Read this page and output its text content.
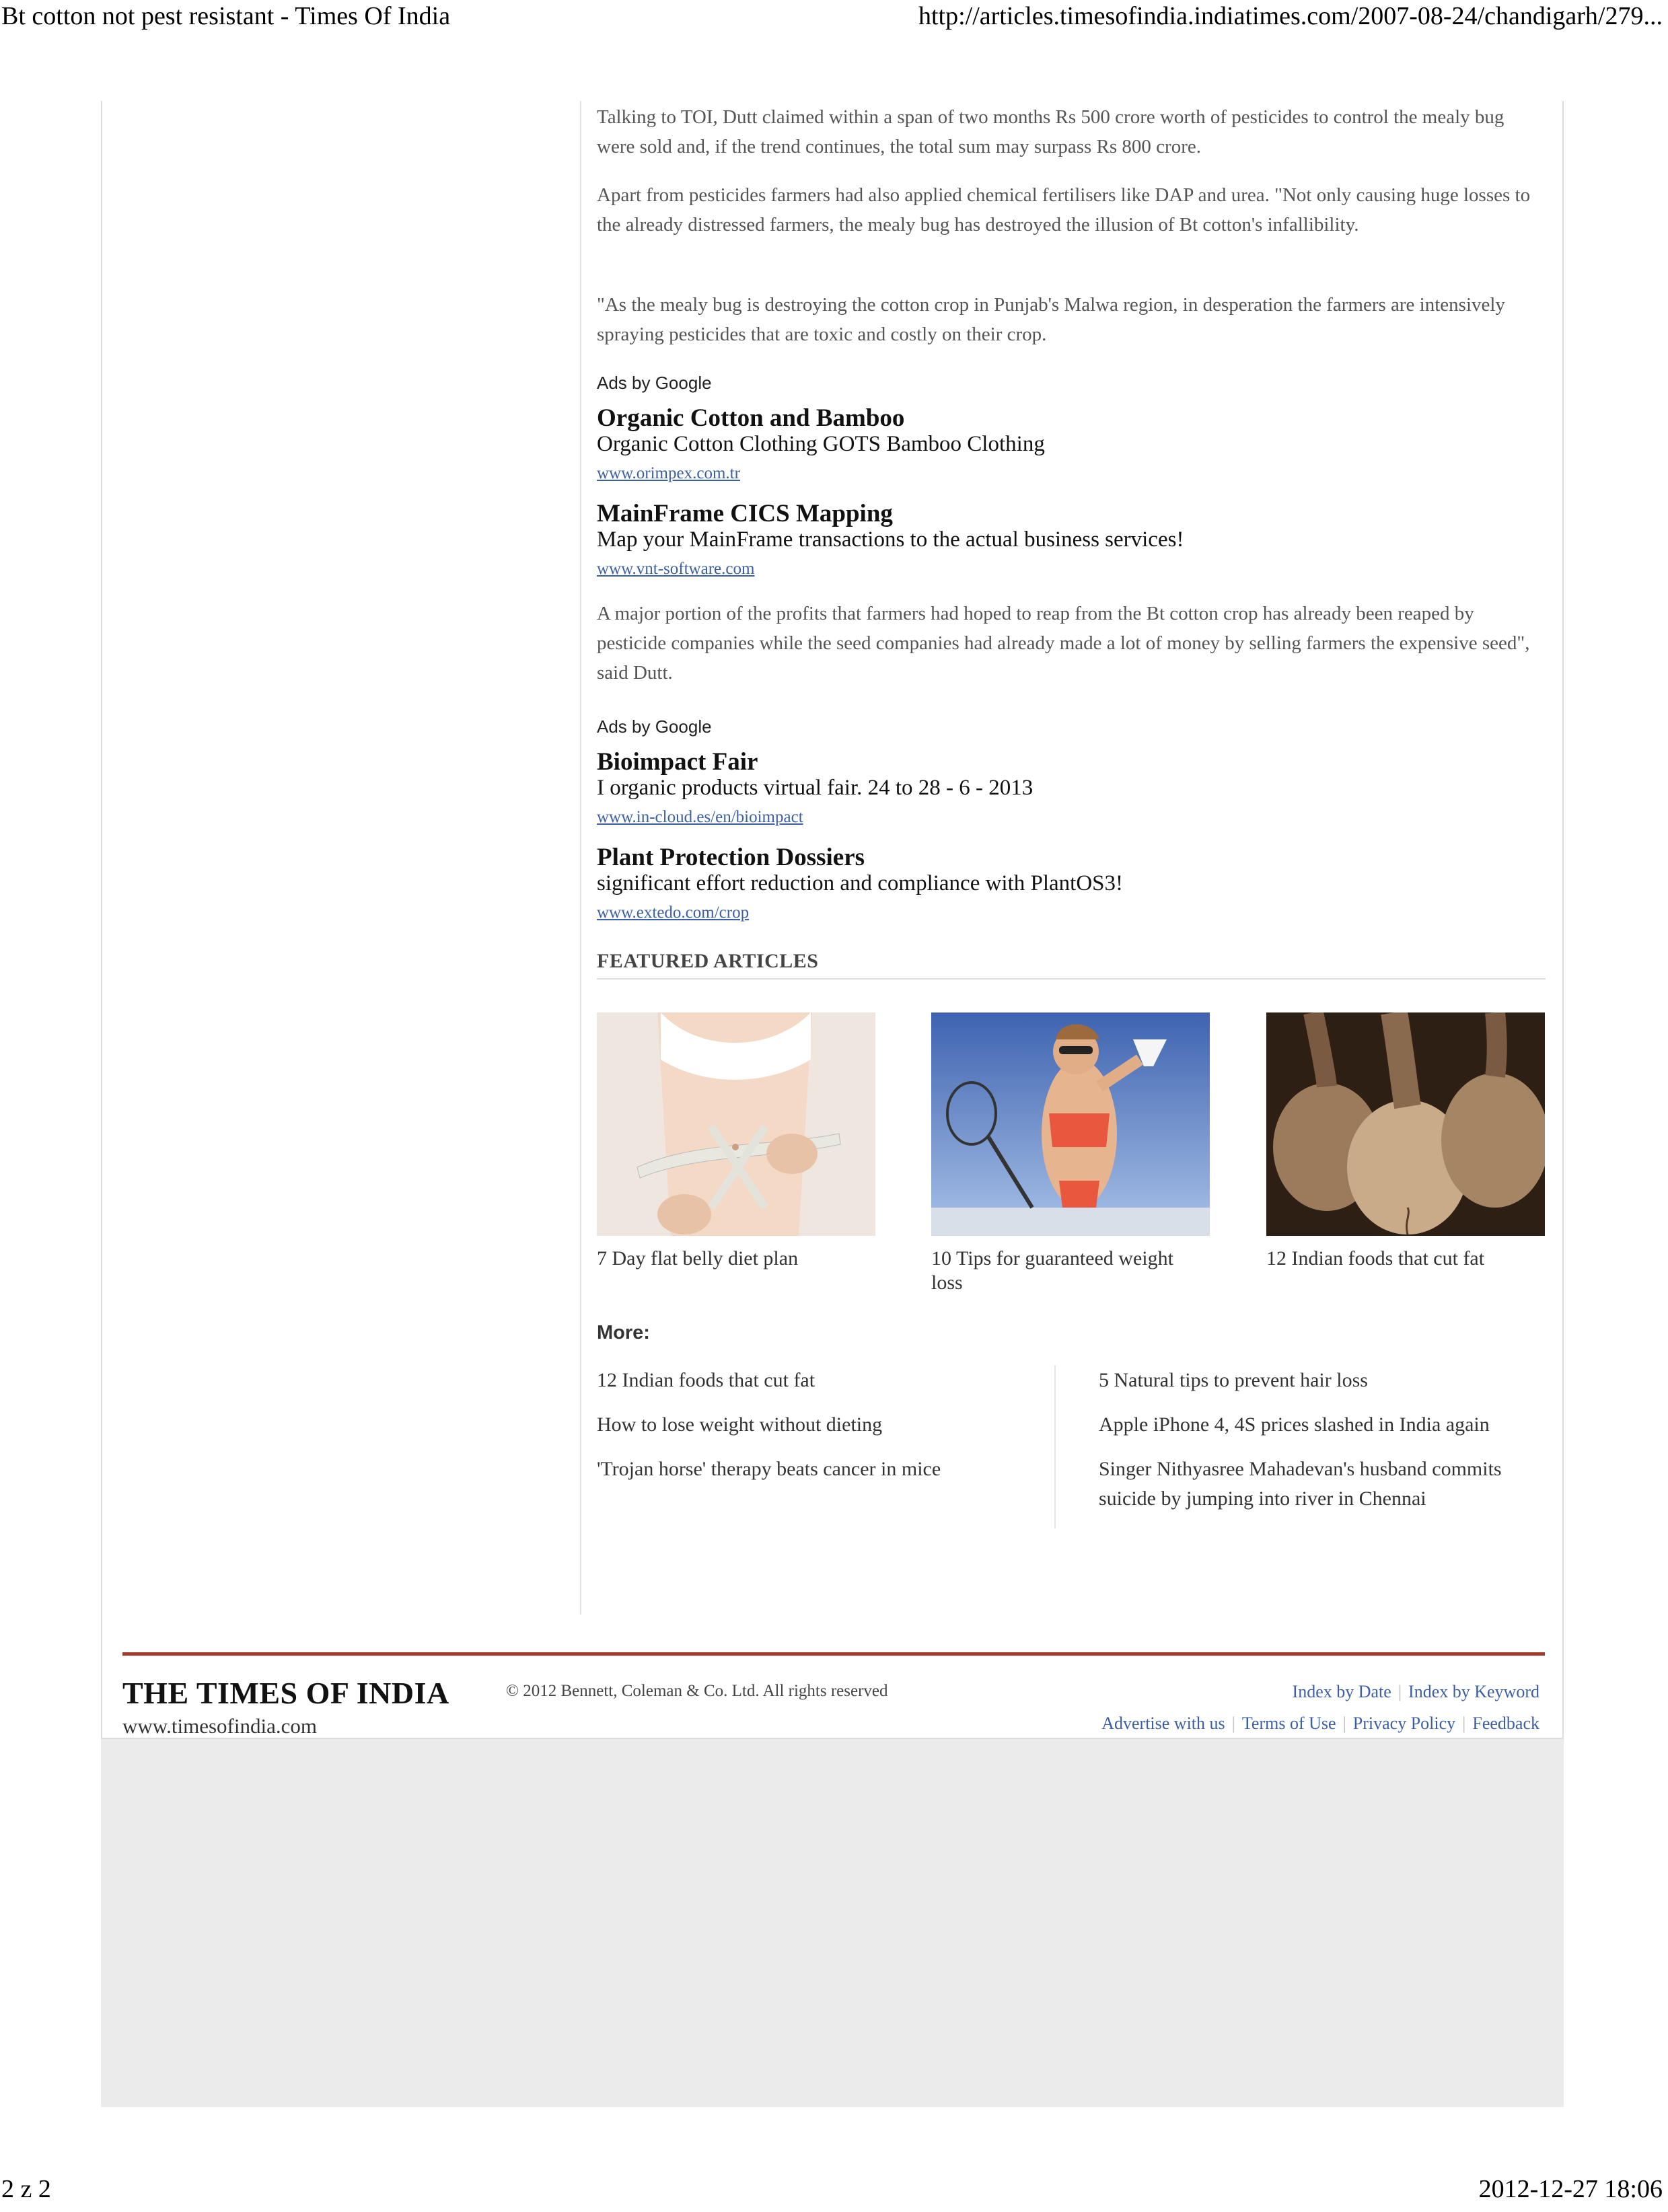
Bt cotton not pest resistant - Times Of India	http://articles.timesofindia.indiatimes.com/2007-08-24/chandigarh/279...

Talking to TOI, Dutt claimed within a span of two months Rs 500 crore worth of pesticides to control the mealy bug were sold and, if the trend continues, the total sum may surpass Rs 800 crore.

Apart from pesticides farmers had also applied chemical fertilisers like DAP and urea. "Not only causing huge losses to the already distressed farmers, the mealy bug has destroyed the illusion of Bt cotton's infallibility.

"As the mealy bug is destroying the cotton crop in Punjab's Malwa region, in desperation the farmers are intensively spraying pesticides that are toxic and costly on their crop.

Ads by Google
Organic Cotton and Bamboo
Organic Cotton Clothing GOTS Bamboo Clothing
www.orimpex.com.tr
MainFrame CICS Mapping
Map your MainFrame transactions to the actual business services!
www.vnt-software.com

A major portion of the profits that farmers had hoped to reap from the Bt cotton crop has already been reaped by pesticide companies while the seed companies had already made a lot of money by selling farmers the expensive seed", said Dutt.

Ads by Google
Bioimpact Fair
I organic products virtual fair. 24 to 28 - 6 - 2013
www.in-cloud.es/en/bioimpact
Plant Protection Dossiers
significant effort reduction and compliance with PlantOS3!
www.extedo.com/crop
FEATURED ARTICLES
7 Day flat belly diet plan	10 Tips for guaranteed weight loss
12 Indian foods that cut fat
More:
12 Indian foods that cut fat
How to lose weight without dieting
'Trojan horse' therapy beats cancer in mice
5 Natural tips to prevent hair loss
Apple iPhone 4, 4S prices slashed in India again
Singer Nithyasree Mahadevan's husband commits suicide by jumping into river in Chennai
THE TIMES OF INDIA
www.timesofindia.com
© 2012 Bennett, Coleman & Co. Ltd. All rights reserved	Index by Date | Index by Keyword
Advertise with us | Terms of Use | Privacy Policy | Feedback
2 z 2	2012-12-27 18:06
